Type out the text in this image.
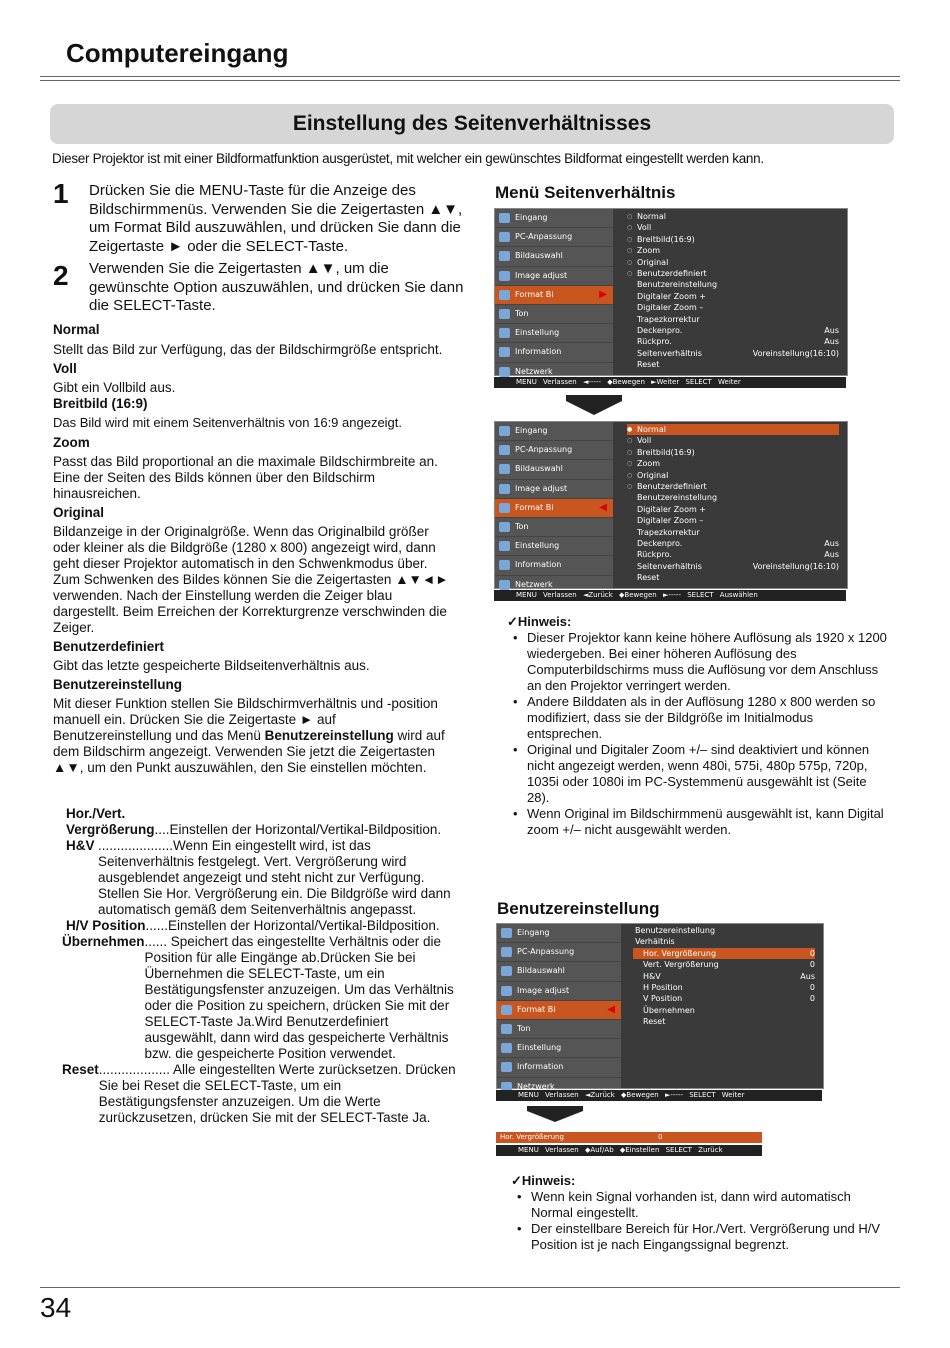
Computereingang
Einstellung des Seitenverhältnisses
Dieser Projektor ist mit einer Bildformatfunktion ausgerüstet, mit welcher ein gewünschtes Bildformat eingestellt werden kann.
1 Drücken Sie die MENU-Taste für die Anzeige des Bildschirmmenüs. Verwenden Sie die Zeigertasten ▲▼, um Format Bild auszuwählen, und drücken Sie dann die Zeigertaste ► oder die SELECT-Taste.
2 Verwenden Sie die Zeigertasten ▲▼, um die gewünschte Option auszuwählen, und drücken Sie dann die SELECT-Taste.
Normal
Stellt das Bild zur Verfügung, das der Bildschirmgröße entspricht.
Voll
Gibt ein Vollbild aus.
Breitbild (16:9)
Das Bild wird mit einem Seitenverhältnis von 16:9 angezeigt.
Zoom
Passt das Bild proportional an die maximale Bildschirmbreite an. Eine der Seiten des Bilds können über den Bildschirm hinausreichen.
Original
Bildanzeige in der Originalgröße. Wenn das Originalbild größer oder kleiner als die Bildgröße (1280 x 800) angezeigt wird, dann geht dieser Projektor automatisch in den Schwenkmodus über. Zum Schwenken des Bildes können Sie die Zeigertasten ▲▼◄► verwenden. Nach der Einstellung werden die Zeiger blau dargestellt. Beim Erreichen der Korrekturgrenze verschwinden die Zeiger.
Benutzerdefiniert
Gibt das letzte gespeicherte Bildseitenverhältnis aus.
Benutzereinstellung
Mit dieser Funktion stellen Sie Bildschirmverhältnis und -position manuell ein. Drücken Sie die Zeigertaste ► auf Benutzereinstellung und das Menü Benutzereinstellung wird auf dem Bildschirm angezeigt. Verwenden Sie jetzt die Zeigertasten ▲▼, um den Punkt auszuwählen, den Sie einstellen möchten.
Hor./Vert.
Vergrößerung ....Einstellen der Horizontal/Vertikal-Bildposition.
H&V ....................Wenn Ein eingestellt wird, ist das Seitenverhältnis festgelegt. Vert. Vergrößerung wird ausgeblendet angezeigt und steht nicht zur Verfügung. Stellen Sie Hor. Vergrößerung ein. Die Bildgröße wird dann automatisch gemäß dem Seitenverhältnis angepasst.
H/V Position ......Einstellen der Horizontal/Vertikal-Bildposition.
Übernehmen ...... Speichert das eingestellte Verhältnis oder die Position für alle Eingänge ab.Drücken Sie bei Übernehmen die SELECT-Taste, um ein Bestätigungsfenster anzuzeigen. Um das Verhältnis oder die Position zu speichern, drücken Sie mit der SELECT-Taste Ja.Wird Benutzerdefiniert ausgewählt, dann wird das gespeicherte Verhältnis bzw. die gespeicherte Position verwendet.
Reset ................... Alle eingestellten Werte zurücksetzen. Drücken Sie bei Reset die SELECT-Taste, um ein Bestätigungsfenster anzuzeigen. Um die Werte zurückzusetzen, drücken Sie mit der SELECT-Taste Ja.
Menü Seitenverhältnis
Eingang
PC-Anpassung
Bildauswahl
Image adjust
Format Bi ▶
Ton
Einstellung
Information
Netzwerk
○ Normal
○ Voll
○ Breitbild(16:9)
○ Zoom
○ Original
○ Benutzerdefiniert
Benutzereinstellung
Digitaler Zoom +
Digitaler Zoom –
Trapezkorrektur
Deckenpro.	Aus
Rückpro.	Aus
Seitenverhältnis	Voreinstellung(16:10)
Reset
MENU Verlassen ◄----- ◆Bewegen ►Weiter SELECT Weiter
Eingang
PC-Anpassung
Bildauswahl
Image adjust
Format Bi ◀
Ton
Einstellung
Information
Netzwerk
● Normal
○ Voll
○ Breitbild(16:9)
○ Zoom
○ Original
○ Benutzerdefiniert
Benutzereinstellung
Digitaler Zoom +
Digitaler Zoom –
Trapezkorrektur
Deckenpro.	Aus
Rückpro.	Aus
Seitenverhältnis	Voreinstellung(16:10)
Reset
MENU Verlassen ◄Zurück ◆Bewegen ►----- SELECT Auswählen
✓Hinweis:
• Dieser Projektor kann keine höhere Auflösung als 1920 x 1200 wiedergeben. Bei einer höheren Auflösung des Computerbildschirms muss die Auflösung vor dem Anschluss an den Projektor verringert werden.
• Andere Bilddaten als in der Auflösung 1280 x 800 werden so modifiziert, dass sie der Bildgröße im Initialmodus entsprechen.
• Original und Digitaler Zoom +/– sind deaktiviert und können nicht angezeigt werden, wenn 480i, 575i, 480p 575p, 720p, 1035i oder 1080i im PC-Systemmenü ausgewählt ist (Seite 28).
• Wenn Original im Bildschirmmenü ausgewählt ist, kann Digital zoom +/– nicht ausgewählt werden.
Benutzereinstellung
Eingang
PC-Anpassung
Bildauswahl
Image adjust
Format Bi ◀
Ton
Einstellung
Information
Netzwerk
Benutzereinstellung
Verhältnis
Hor. Vergrößerung	0
Vert. Vergrößerung	0
H&V	Aus
H Position	0
V Position	0
Übernehmen
Reset
MENU Verlassen ◄Zurück ◆Bewegen ►----- SELECT Weiter
Hor. Vergrößerung	0
MENU Verlassen ◆Auf/Ab ◆Einstellen SELECT Zurück
✓Hinweis:
• Wenn kein Signal vorhanden ist, dann wird automatisch Normal eingestellt.
• Der einstellbare Bereich für Hor./Vert. Vergrößerung und H/V Position ist je nach Eingangssignal begrenzt.
34
